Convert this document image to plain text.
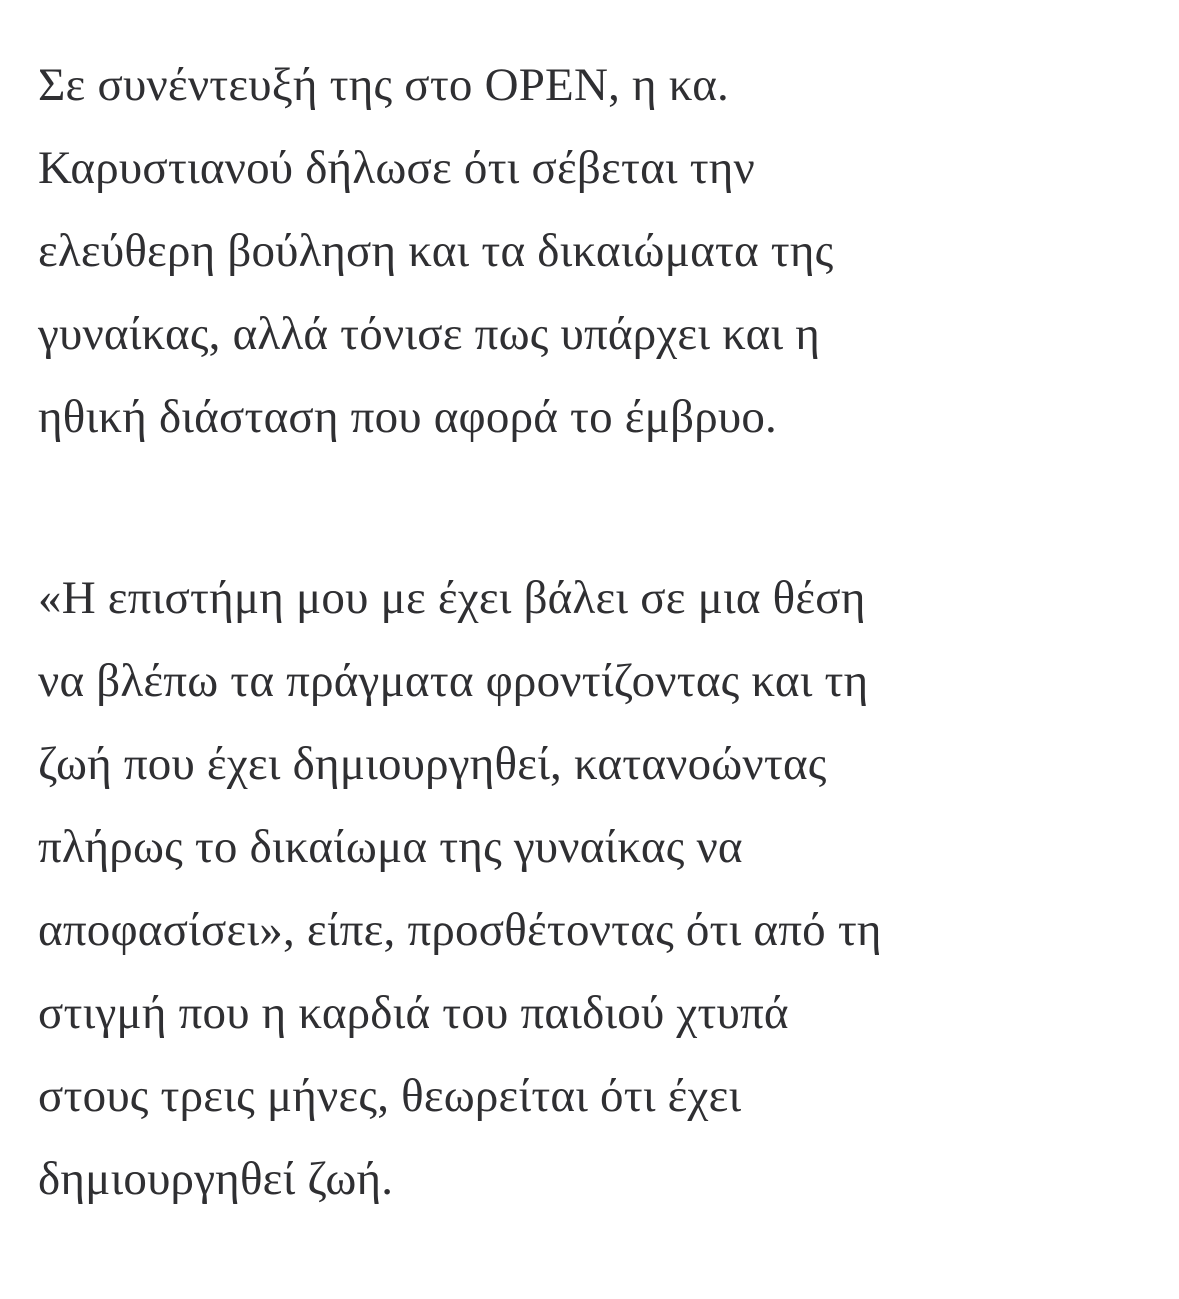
Σε συνέντευξή της στο OPEN, η κα.
Καρυστιανού δήλωσε ότι σέβεται την
ελεύθερη βούληση και τα δικαιώματα της
γυναίκας, αλλά τόνισε πως υπάρχει και η
ηθική διάσταση που αφορά το έμβρυο.

«Η επιστήμη μου με έχει βάλει σε μια θέση
να βλέπω τα πράγματα φροντίζοντας και τη
ζωή που έχει δημιουργηθεί, κατανοώντας
πλήρως το δικαίωμα της γυναίκας να
αποφασίσει», είπε, προσθέτοντας ότι από τη
στιγμή που η καρδιά του παιδιού χτυπά
στους τρεις μήνες, θεωρείται ότι έχει
δημιουργηθεί ζωή.
